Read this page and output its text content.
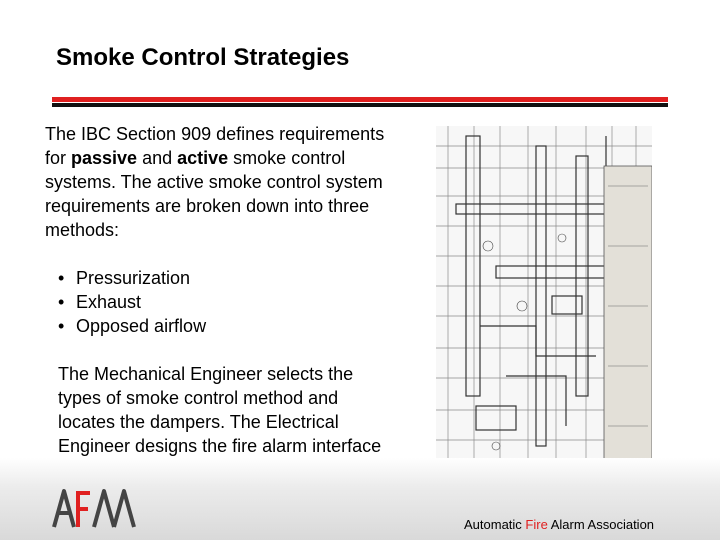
Smoke Control Strategies

The IBC Section 909 defines requirements for passive and active smoke control systems. The active smoke control system requirements are broken down into three methods:

• Pressurization
• Exhaust
• Opposed airflow

The Mechanical Engineer selects the types of smoke control method and locates the dampers. The Electrical Engineer designs the fire alarm interface

Automatic Fire Alarm Association
